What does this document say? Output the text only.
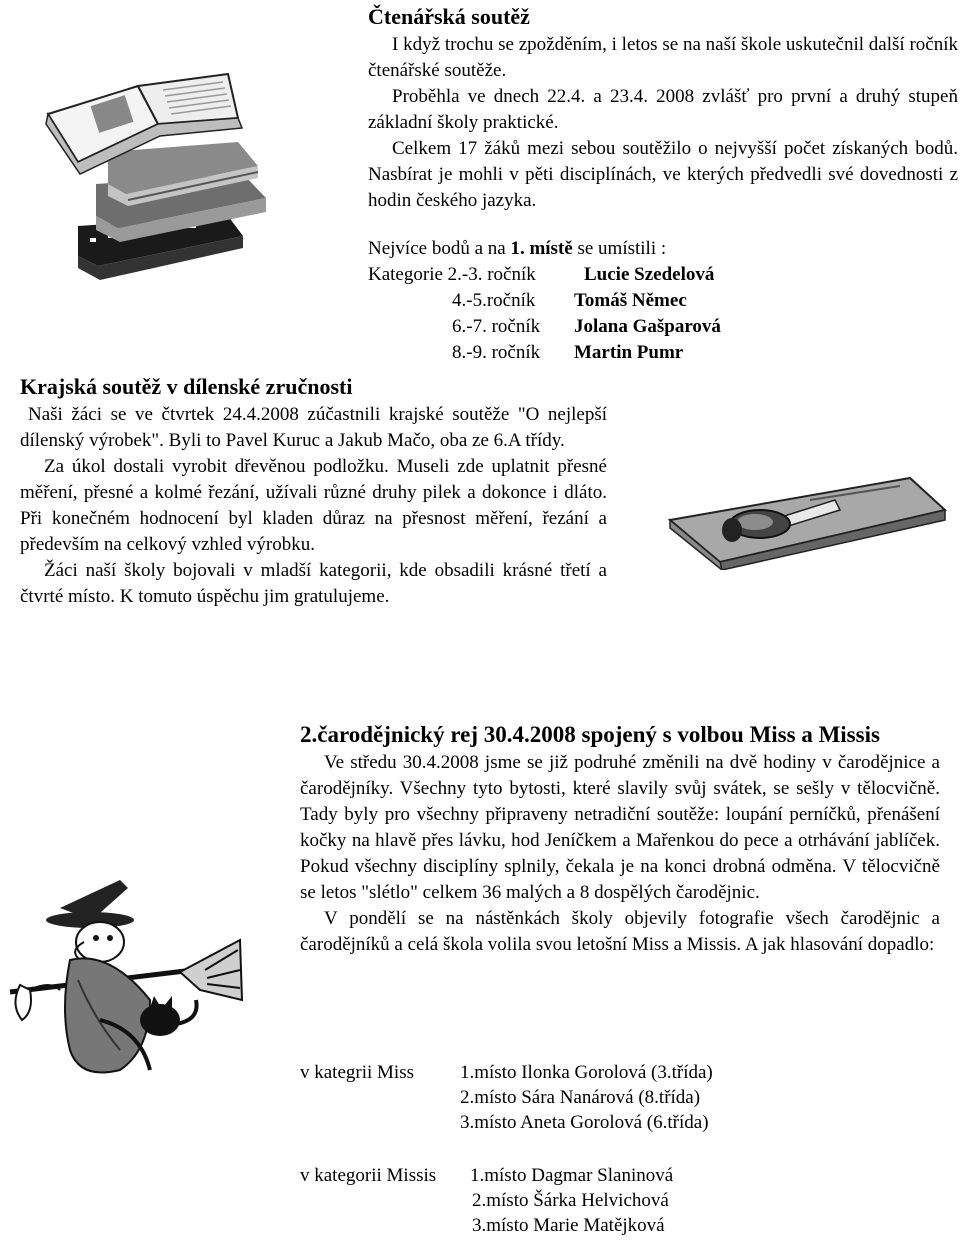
Čtenářská soutěž

I když trochu se zpožděním, i letos se na naší škole uskutečnil další ročník čtenářské soutěže.

Proběhla ve dnech 22.4. a 23.4. 2008 zvlášť pro první a druhý stupeň základní školy praktické.

Celkem 17 žáků mezi sebou soutěžilo o nejvyšší počet získaných bodů. Nasbírat je mohli v pěti disciplínách, ve kterých předvedli své dovednosti z hodin českého jazyka.

Nejvíce bodů a na 1. místě se umístili :

Kategorie 2.-3. ročník	Lucie Szedelová
4.-5.ročník	Tomáš Němec
6.-7. ročník	Jolana Gašparová
8.-9. ročník	Martin Pumr
Krajská soutěž v dílenské zručnosti

Naši žáci se ve čtvrtek 24.4.2008 zúčastnili krajské soutěže "O nejlepší dílenský výrobek". Byli to Pavel Kuruc a Jakub Mačo, oba ze 6.A třídy.

Za úkol dostali vyrobit dřevěnou podložku. Museli zde uplatnit přesné měření, přesné a kolmé řezání, užívali různé druhy pilek a dokonce i dláto. Při konečném hodnocení byl kladen důraz na přesnost měření, řezání a především na celkový vzhled výrobku.

Žáci naší školy bojovali v mladší kategorii, kde obsadili krásné třetí a čtvrté místo. K tomuto úspěchu jim gratulujeme.

2.čarodějnický rej 30.4.2008 spojený s volbou Miss a Missis

Ve středu 30.4.2008 jsme se již podruhé změnili na dvě hodiny v čarodějnice a čarodějníky. Všechny tyto bytosti, které slavily svůj svátek, se sešly v tělocvičně. Tady byly pro všechny připraveny netradiční soutěže: loupání perníčků, přenášení kočky na hlavě přes lávku, hod Jeníčkem a Mařenkou do pece a otrhávání jablíček. Pokud všechny disciplíny splnily, čekala je na konci drobná odměna. V tělocvičně se letos "slétlo" celkem 36 malých a 8 dospělých čarodějnic.

V pondělí se na nástěnkách školy objevily fotografie všech čarodějnic a čarodějníků a celá škola volila svou letošní Miss a Missis. A jak hlasování dopadlo:

v kategrii Miss	1.místo Ilonka Gorolová (3.třída)
2.místo Sára Nanárová (8.třída)
3.místo Aneta Gorolová (6.třída)
v kategorii Missis	1.místo Dagmar Slaninová
2.místo Šárka Helvichová
3.místo Marie Matějková
